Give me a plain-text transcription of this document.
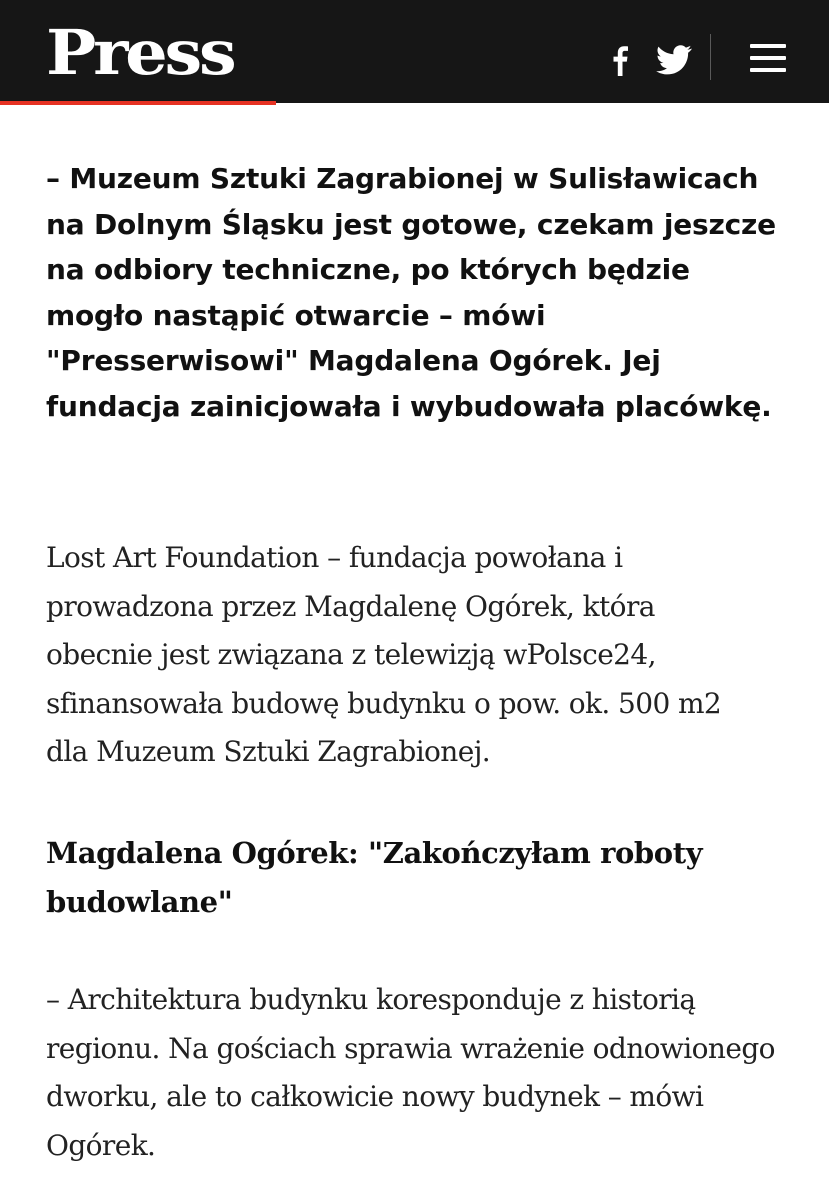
Press

– Muzeum Sztuki Zagrabionej w Sulisławicach na Dolnym Śląsku jest gotowe, czekam jeszcze na odbiory techniczne, po których będzie mogło nastąpić otwarcie – mówi "Presserwisowi" Magdalena Ogórek. Jej fundacja zainicjowała i wybudowała placówkę.

Lost Art Foundation – fundacja powołana i prowadzona przez Magdalenę Ogórek, która obecnie jest związana z telewizją wPolsce24, sfinansowała budowę budynku o pow. ok. 500 m2 dla Muzeum Sztuki Zagrabionej.

Magdalena Ogórek: "Zakończyłam roboty budowlane"

– Architektura budynku koresponduje z historią regionu. Na gościach sprawia wrażenie odnowionego dworku, ale to całkowicie nowy budynek – mówi Ogórek.
